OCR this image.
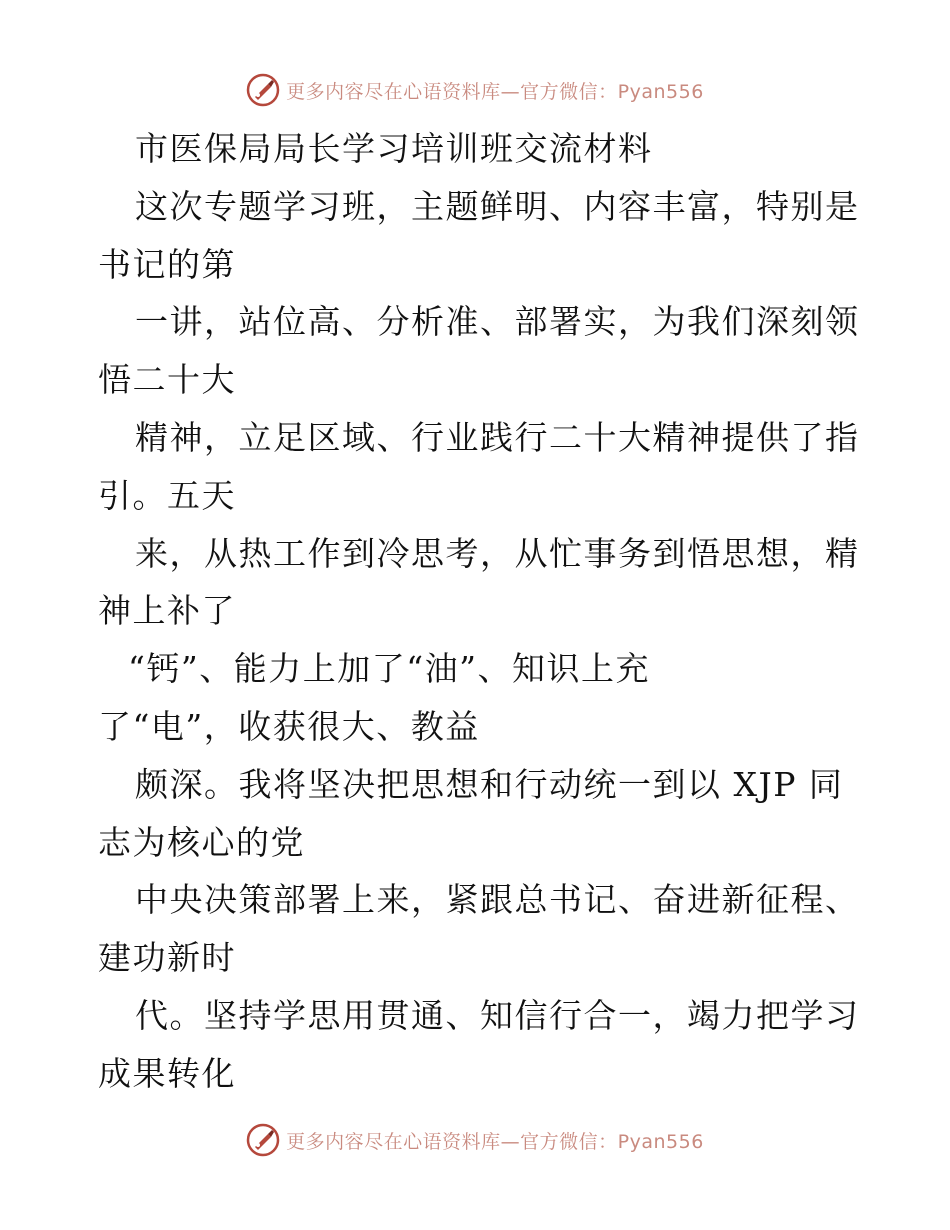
更多内容尽在心语资料库—官方微信：Pyan556
市医保局局长学习培训班交流材料
这次专题学习班，主题鲜明、内容丰富，特别是
书记的第
一讲，站位高、分析准、部署实，为我们深刻领
悟二十大
精神，立足区域、行业践行二十大精神提供了指
引。五天
来，从热工作到冷思考，从忙事务到悟思想，精
神上补了
“钙”、能力上加了“油”、知识上充
了“电”，收获很大、教益
颇深。我将坚决把思想和行动统一到以 XJP 同
志为核心的党
中央决策部署上来，紧跟总书记、奋进新征程、
建功新时
代。坚持学思用贯通、知信行合一，竭力把学习
成果转化
更多内容尽在心语资料库—官方微信：Pyan556
